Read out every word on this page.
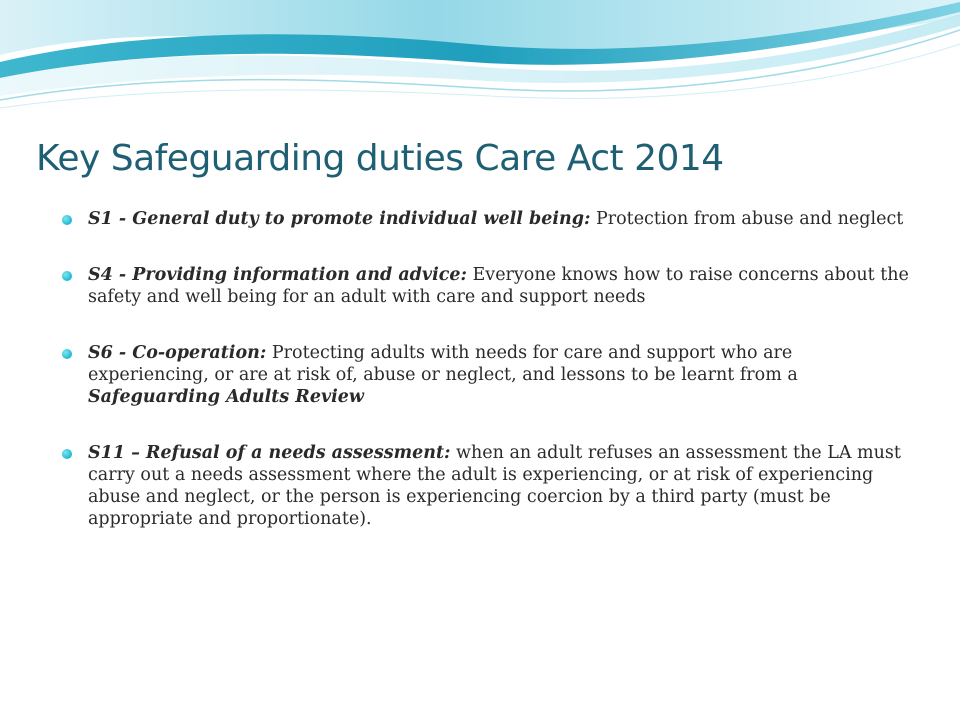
Key Safeguarding duties Care Act 2014
S1 - General duty to promote individual well being: Protection from abuse and neglect
S4 - Providing information and advice: Everyone knows how to raise concerns about the safety and well being for an adult with care and support needs
S6 - Co-operation: Protecting adults with needs for care and support who are experiencing, or are at risk of, abuse or neglect, and lessons to be learnt from a Safeguarding Adults Review
S11 – Refusal of a needs assessment: when an adult refuses an assessment the LA must carry out a needs assessment where the adult is experiencing, or at risk of experiencing abuse and neglect, or the person is experiencing coercion by a third party (must be appropriate and proportionate).
